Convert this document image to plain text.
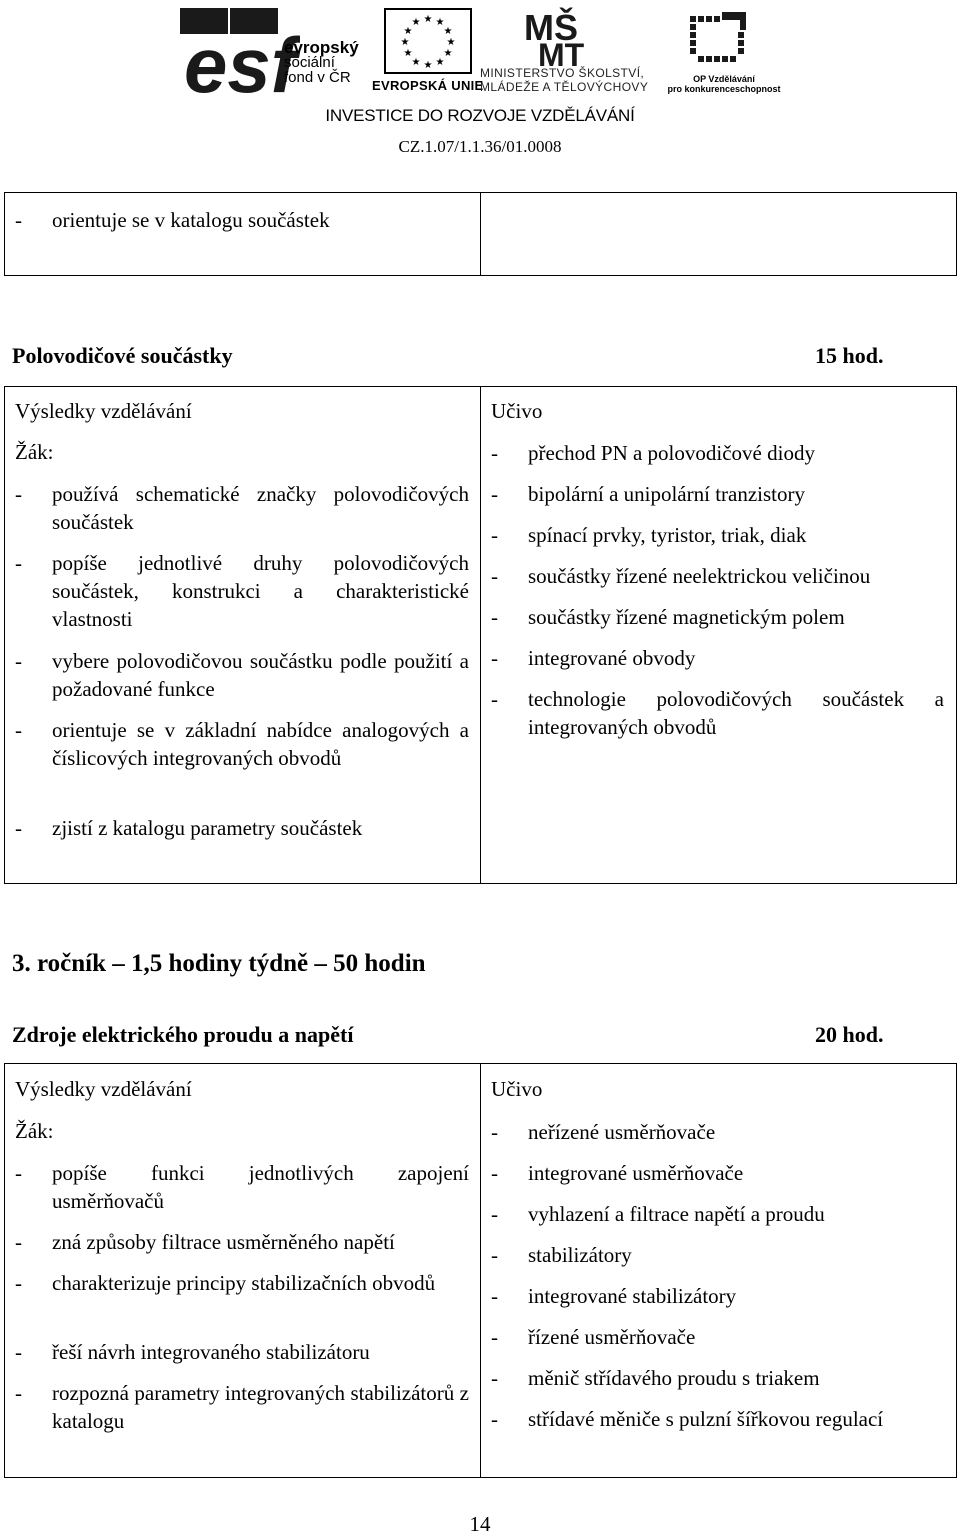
esf
evropský
sociální
fond v ČR
★ ★
★
★
★
★
★
★
★
★
★
★
EVROPSKÁ UNIE
MŠ
MT
MINISTERSTVO ŠKOLSTVÍ,
MLÁDEŽE A TĚLOVÝCHOVY
OP Vzdělávání
pro konkurenceschopnost
INVESTICE DO ROZVOJE VZDĚLÁVÁNÍ
CZ.1.07/1.1.36/01.0008
- orientuje se v katalogu součástek
Polovodičové součástky	15 hod.
Výsledky vzdělávání
Žák:
Učivo
- používá schematické značky polovodičových součástek
- popíše jednotlivé druhy polovodičových součástek, konstrukci a charakteristické vlastnosti
- vybere polovodičovou součástku podle použití a požadované funkce
- orientuje se v základní nabídce analogových a číslicových integrovaných obvodů
- zjistí z katalogu parametry součástek
- přechod PN a polovodičové diody
- bipolární a unipolární tranzistory
- spínací prvky, tyristor, triak, diak
- součástky řízené neelektrickou veličinou
- součástky řízené magnetickým polem
- integrované obvody
- technologie polovodičových součástek a integrovaných obvodů
3. ročník – 1,5 hodiny týdně – 50 hodin
Zdroje elektrického proudu a napětí	20 hod.
Výsledky vzdělávání
Žák:
Učivo
- popíše funkci jednotlivých zapojení usměrňovačů
- zná způsoby filtrace usměrněného napětí
- charakterizuje principy stabilizačních obvodů
- řeší návrh integrovaného stabilizátoru
- rozpozná parametry integrovaných stabilizátorů z katalogu
- neřízené usměrňovače
- integrované usměrňovače
- vyhlazení a filtrace napětí a proudu
- stabilizátory
- integrované stabilizátory
- řízené usměrňovače
- měnič střídavého proudu s triakem
- střídavé měniče s pulzní šířkovou regulací
14
